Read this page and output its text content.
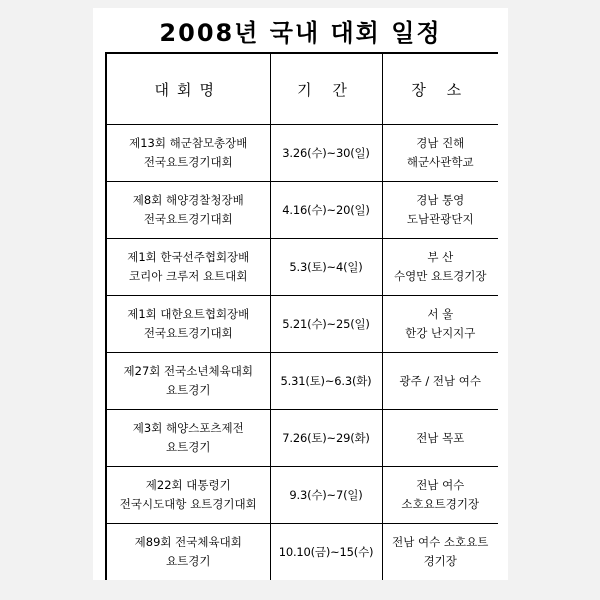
2008년 국내 대회 일정
대회명	기 간	장 소

제13회 해군참모총장배
전국요트경기대회	3.26(수)~30(일)	경남 진해
해군사관학교

제8회 해양경찰청장배
전국요트경기대회	4.16(수)~20(일)	경남 통영
도남관광단지

제1회 한국선주협회장배
코리아 크루저 요트대회	5.3(토)~4(일)	부 산
수영만 요트경기장

제1회 대한요트협회장배
전국요트경기대회	5.21(수)~25(일)	서 울
한강 난지지구

제27회 전국소년체육대회
요트경기	5.31(토)~6.3(화)	광주 / 전남 여수

제3회 해양스포츠제전
요트경기	7.26(토)~29(화)	전남 목포

제22회 대통령기
전국시도대항 요트경기대회	9.3(수)~7(일)	전남 여수
소호요트경기장

제89회 전국체육대회
요트경기	10.10(금)~15(수)	전남 여수 소호요트
경기장
